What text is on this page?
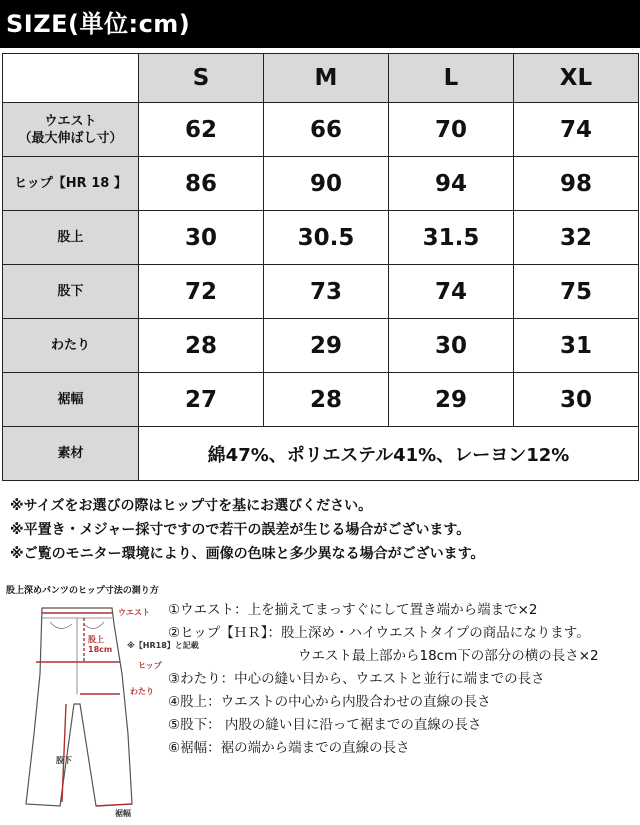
SIZE(単位:cm)
	S	M	L	XL
ウエスト
（最大伸ばし寸）	62	66	70	74
ヒップ【HR 18 】	86	90	94	98
股上	30	30.5	31.5	32
股下	72	73	74	75
わたり	28	29	30	31
裾幅	27	28	29	30
素材	綿47%、ポリエステル41%、レーヨン12%			
※サイズをお選びの際はヒップ寸を基にお選びください。
※平置き・メジャー採寸ですので若干の誤差が生じる場合がございます。
※ご覧のモニター環境により、画像の色味と多少異なる場合がございます。
股上深めパンツのヒップ寸法の測り方
ウエスト
股上
18cm ※【HR18】と記載
ヒップ
わたり
股下
裾幅
①ウエスト：上を揃えてまっすぐにして置き端から端まで×2
②ヒップ【ＨＲ】：股上深め・ハイウエストタイプの商品になります。
ウエスト最上部から18cm下の部分の横の長さ×2
③わたり：中心の縫い目から、ウエストと並行に端までの長さ
④股上：ウエストの中心から内股合わせの直線の長さ
⑤股下： 内股の縫い目に沿って裾までの直線の長さ
⑥裾幅：裾の端から端までの直線の長さ
